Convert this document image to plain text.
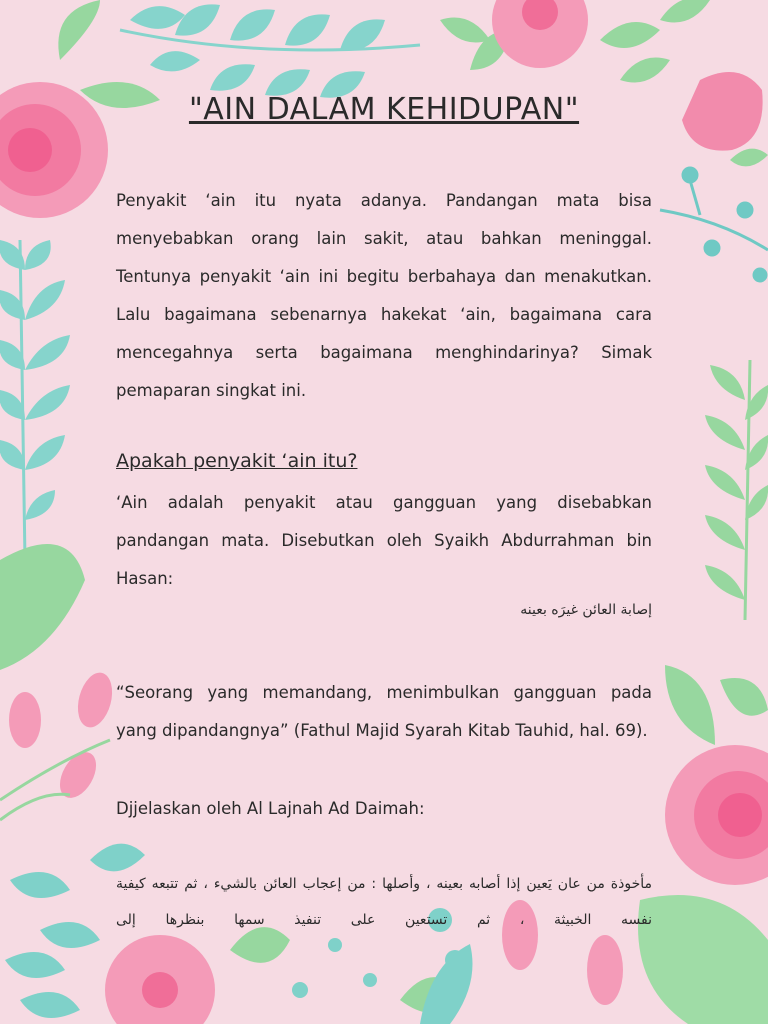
"AIN DALAM KEHIDUPAN"
Penyakit ‘ain itu nyata adanya. Pandangan mata bisa menyebabkan orang lain sakit, atau bahkan meninggal. Tentunya penyakit ‘ain ini begitu berbahaya dan menakutkan. Lalu bagaimana sebenarnya hakekat ‘ain, bagaimana cara mencegahnya serta bagaimana menghindarinya? Simak pemaparan singkat ini.
Apakah penyakit ‘ain itu?
‘Ain adalah penyakit atau gangguan yang disebabkan pandangan mata. Disebutkan oleh Syaikh Abdurrahman bin Hasan:
إصابة العائن غيرَه بعينه
“Seorang yang memandang, menimbulkan gangguan pada yang dipandangnya” (Fathul Majid Syarah Kitab Tauhid, hal. 69).
Djjelaskan oleh Al Lajnah Ad Daimah:
مأخوذة من عان يَعين إذا أصابه بعينه ، وأصلها : من إعجاب العائن بالشيء ، ثم تتبعه كيفية نفسه الخبيثة ، ثم تستعين على تنفيذ سمها بنظرها إلى
